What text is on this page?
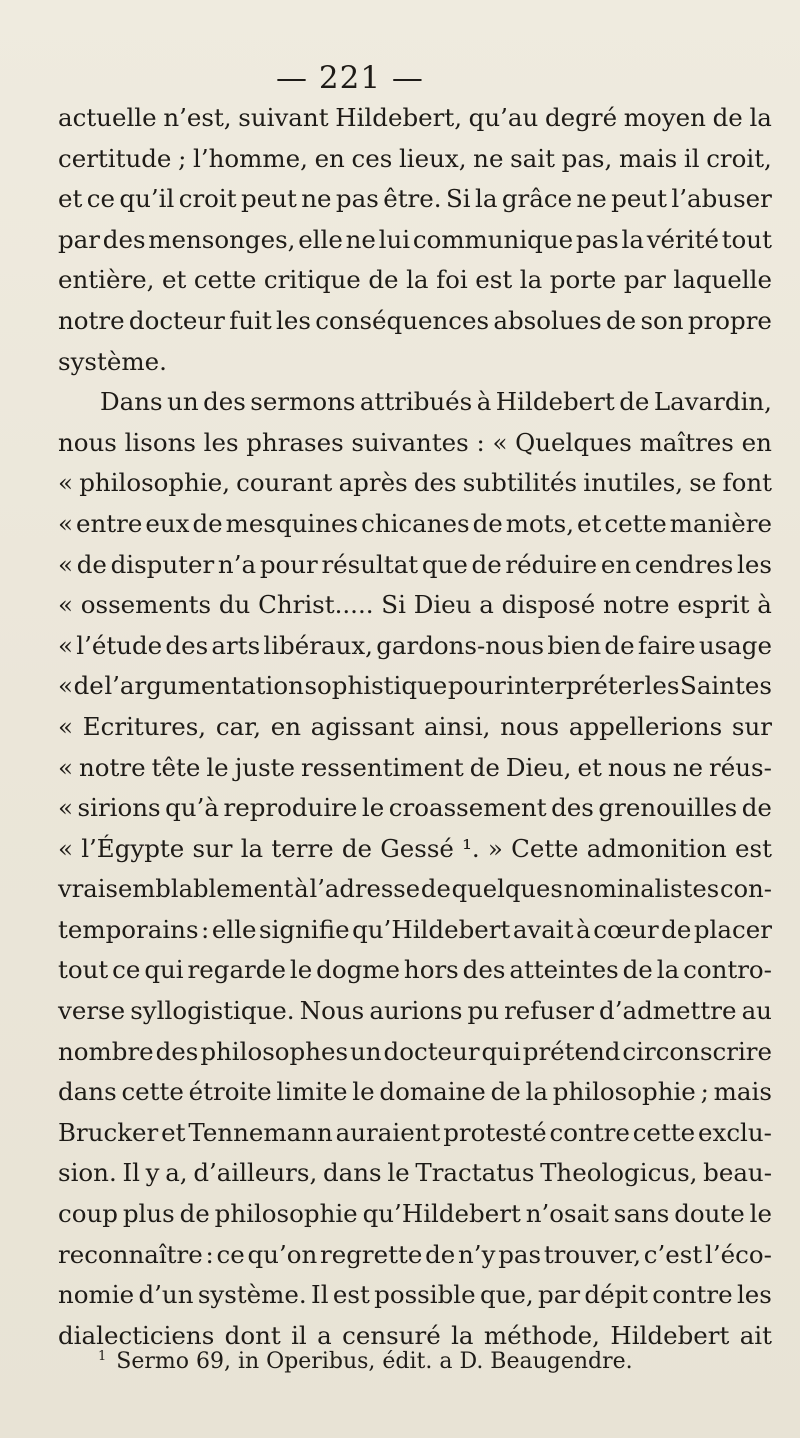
— 221 —
actuelle n’est, suivant Hildebert, qu’au degré moyen de la
certitude ; l’homme, en ces lieux, ne sait pas, mais il croit,
et ce qu’il croit peut ne pas être. Si la grâce ne peut l’abuser
par des mensonges, elle ne lui communique pas la vérité tout
entière, et cette critique de la foi est la porte par laquelle
notre docteur fuit les conséquences absolues de son propre
système.
Dans un des sermons attribués à Hildebert de Lavardin,
nous lisons les phrases suivantes : « Quelques maîtres en
« philosophie, courant après des subtilités inutiles, se font
« entre eux de mesquines chicanes de mots, et cette manière
« de disputer n’a pour résultat que de réduire en cendres les
« ossements du Christ..... Si Dieu a disposé notre esprit à
« l’étude des arts libéraux, gardons-nous bien de faire usage
« de l’argumentation sophistique pour interpréter les Saintes
« Ecritures, car, en agissant ainsi, nous appellerions sur
« notre tête le juste ressentiment de Dieu, et nous ne réus-
« sirions qu’à reproduire le croassement des grenouilles de
« l’Égypte sur la terre de Gessé ¹. » Cette admonition est
vraisemblablement à l’adresse de quelques nominalistes con-
temporains : elle signifie qu’Hildebert avait à cœur de placer
tout ce qui regarde le dogme hors des atteintes de la contro-
verse syllogistique. Nous aurions pu refuser d’admettre au
nombre des philosophes un docteur qui prétend circonscrire
dans cette étroite limite le domaine de la philosophie ; mais
Brucker et Tennemann auraient protesté contre cette exclu-
sion. Il y a, d’ailleurs, dans le Tractatus Theologicus, beau-
coup plus de philosophie qu’Hildebert n’osait sans doute le
reconnaître : ce qu’on regrette de n’y pas trouver, c’est l’éco-
nomie d’un système. Il est possible que, par dépit contre les
dialecticiens dont il a censuré la méthode, Hildebert ait
$^1$ Sermo 69, in Operibus, édit. a D. Beaugendre.
